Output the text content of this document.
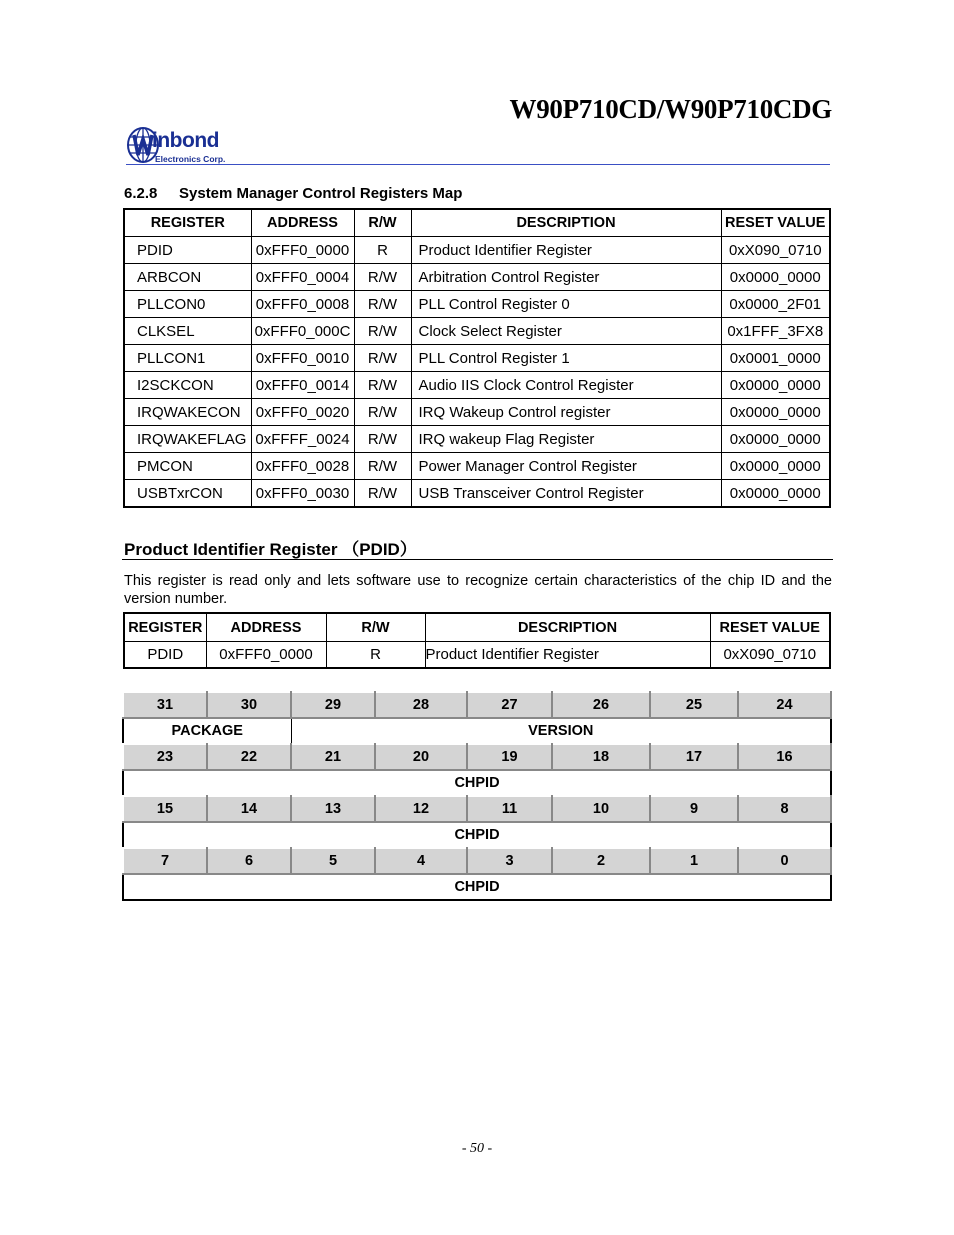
W90P710CD/W90P710CDG
inbond
Electronics Corp.
6.2.8 System Manager Control Registers Map
REGISTER	ADDRESS	R/W	DESCRIPTION	RESET VALUE
PDID	0xFFF0_0000	R	Product Identifier Register	0xX090_0710
ARBCON	0xFFF0_0004	R/W	Arbitration Control Register	0x0000_0000
PLLCON0	0xFFF0_0008	R/W	PLL Control Register 0	0x0000_2F01
CLKSEL	0xFFF0_000C	R/W	Clock Select Register	0x1FFF_3FX8
PLLCON1	0xFFF0_0010	R/W	PLL Control Register 1	0x0001_0000
I2SCKCON	0xFFF0_0014	R/W	Audio IIS Clock Control Register	0x0000_0000
IRQWAKECON	0xFFF0_0020	R/W	IRQ Wakeup Control register	0x0000_0000
IRQWAKEFLAG	0xFFFF_0024	R/W	IRQ wakeup Flag Register	0x0000_0000
PMCON	0xFFF0_0028	R/W	Power Manager Control Register	0x0000_0000
USBTxrCON	0xFFF0_0030	R/W	USB Transceiver Control Register	0x0000_0000
Product Identifier Register （PDID）
This register is read only and lets software use to recognize certain characteristics of the chip ID and the version number.
REGISTER	ADDRESS	R/W	DESCRIPTION	RESET VALUE
PDID	0xFFF0_0000	R	Product Identifier Register	0xX090_0710
31	30	29	28	27	26	25	24
PACKAGE		VERSION					
23	22	21	20	19	18	17	16
CHPID							
15	14	13	12	11	10	9	8
CHPID							
7	6	5	4	3	2	1	0
CHPID							
- 50 -
